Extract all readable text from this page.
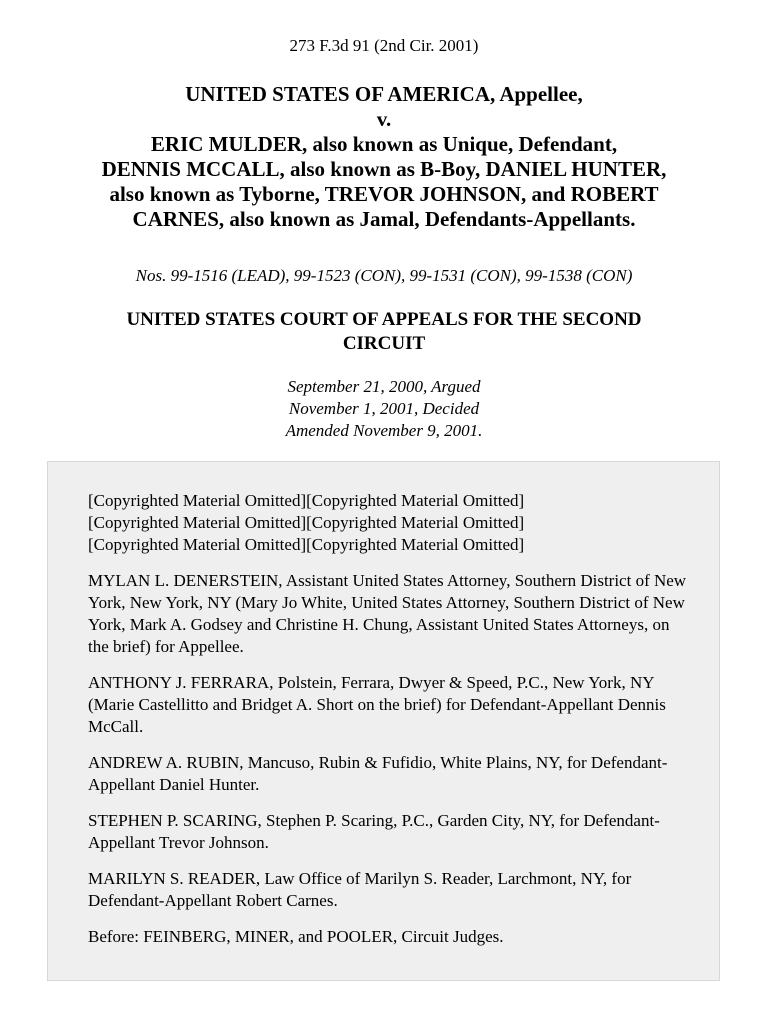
273 F.3d 91 (2nd Cir. 2001)
UNITED STATES OF AMERICA, Appellee,
v.
ERIC MULDER, also known as Unique, Defendant,
DENNIS MCCALL, also known as B-Boy, DANIEL HUNTER,
also known as Tyborne, TREVOR JOHNSON, and ROBERT
CARNES, also known as Jamal, Defendants-Appellants.
Nos. 99-1516 (LEAD), 99-1523 (CON), 99-1531 (CON), 99-1538 (CON)
UNITED STATES COURT OF APPEALS FOR THE SECOND
CIRCUIT
September 21, 2000, Argued
November 1, 2001, Decided
Amended November 9, 2001.

[Copyrighted Material Omitted][Copyrighted Material Omitted]
[Copyrighted Material Omitted][Copyrighted Material Omitted]
[Copyrighted Material Omitted][Copyrighted Material Omitted]

MYLAN L. DENERSTEIN, Assistant United States Attorney, Southern District of New York, New York, NY (Mary Jo White, United States Attorney, Southern District of New York, Mark A. Godsey and Christine H. Chung, Assistant United States Attorneys, on the brief) for Appellee.

ANTHONY J. FERRARA, Polstein, Ferrara, Dwyer & Speed, P.C., New York, NY (Marie Castellitto and Bridget A. Short on the brief) for Defendant-Appellant Dennis McCall.

ANDREW A. RUBIN, Mancuso, Rubin & Fufidio, White Plains, NY, for Defendant-Appellant Daniel Hunter.

STEPHEN P. SCARING, Stephen P. Scaring, P.C., Garden City, NY, for Defendant-Appellant Trevor Johnson.

MARILYN S. READER, Law Office of Marilyn S. Reader, Larchmont, NY, for Defendant-Appellant Robert Carnes.

Before: FEINBERG, MINER, and POOLER, Circuit Judges.
